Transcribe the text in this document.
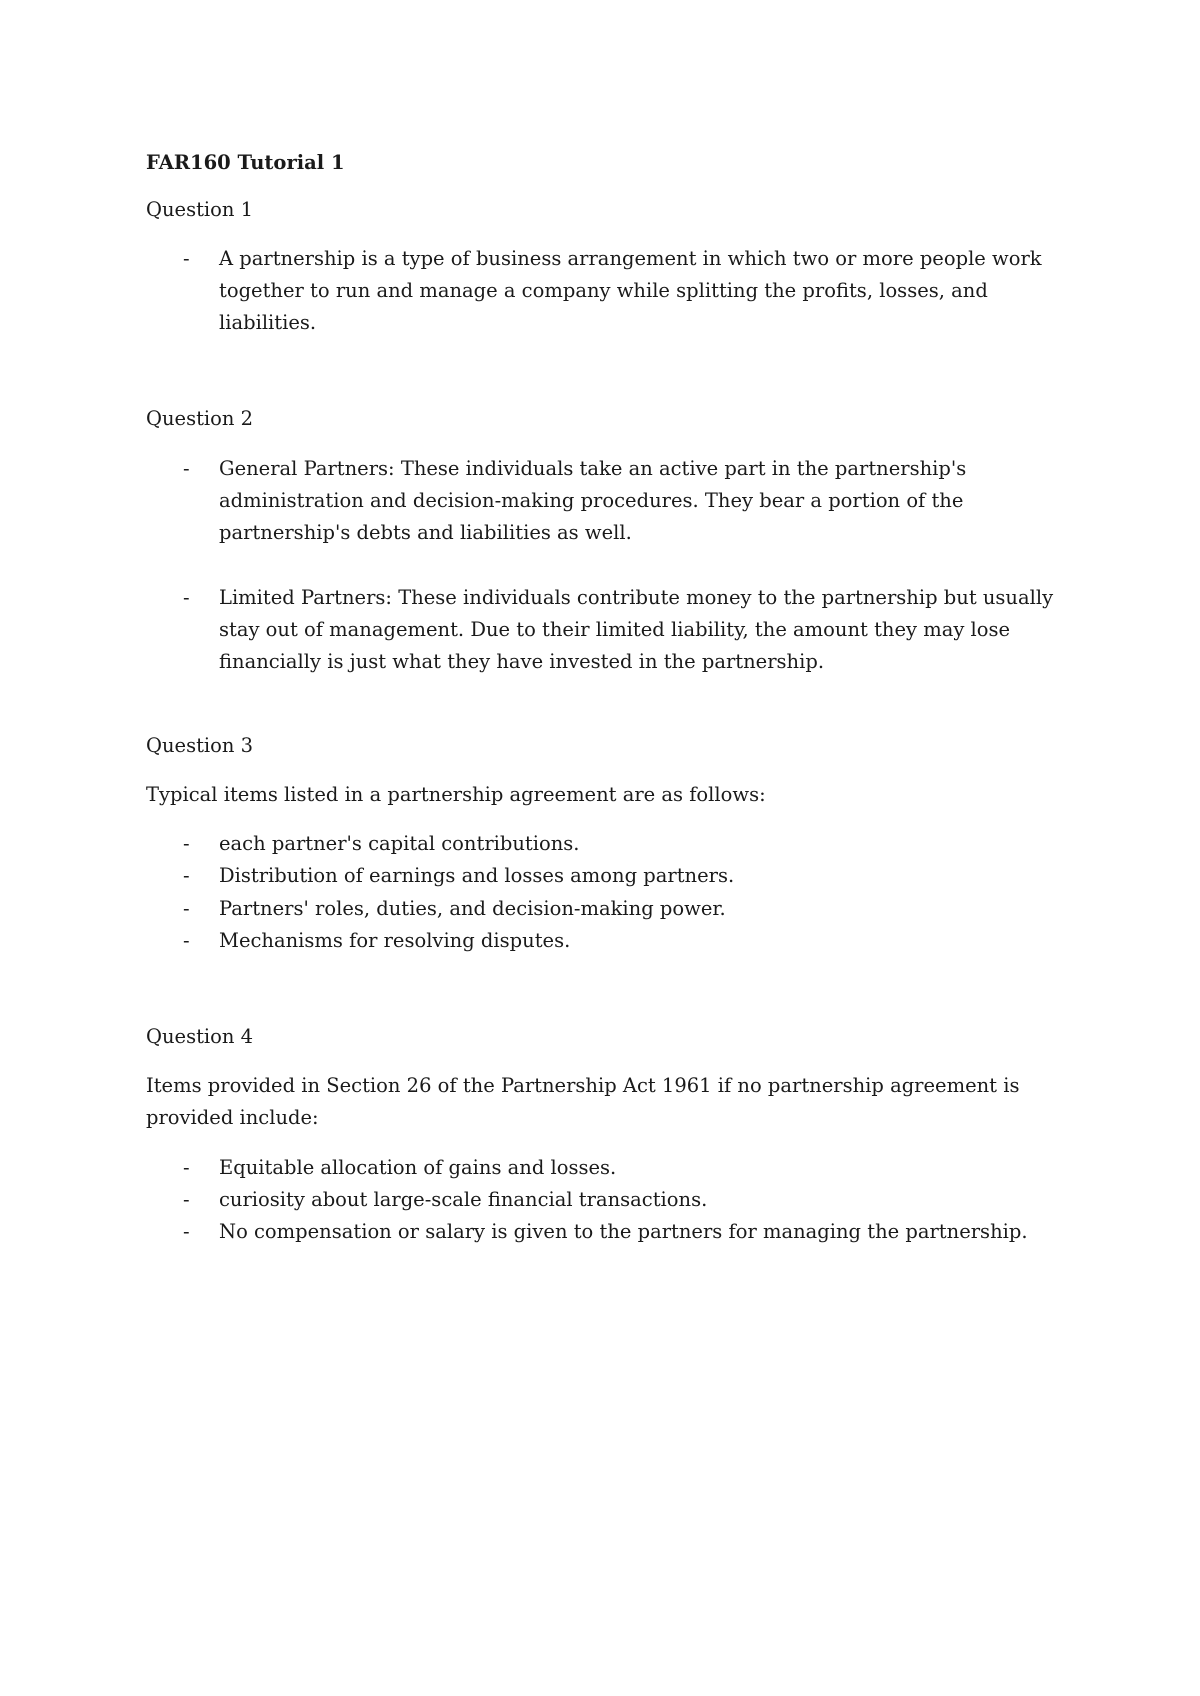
FAR160 Tutorial 1

Question 1

- A partnership is a type of business arrangement in which two or more people work together to run and manage a company while splitting the profits, losses, and liabilities.

Question 2

- General Partners: These individuals take an active part in the partnership's administration and decision-making procedures. They bear a portion of the partnership's debts and liabilities as well.

- Limited Partners: These individuals contribute money to the partnership but usually stay out of management. Due to their limited liability, the amount they may lose financially is just what they have invested in the partnership.

Question 3

Typical items listed in a partnership agreement are as follows:

- each partner's capital contributions.

- Distribution of earnings and losses among partners.

- Partners' roles, duties, and decision-making power.

- Mechanisms for resolving disputes.

Question 4

Items provided in Section 26 of the Partnership Act 1961 if no partnership agreement is provided include:

- Equitable allocation of gains and losses.

- curiosity about large-scale financial transactions.

- No compensation or salary is given to the partners for managing the partnership.
